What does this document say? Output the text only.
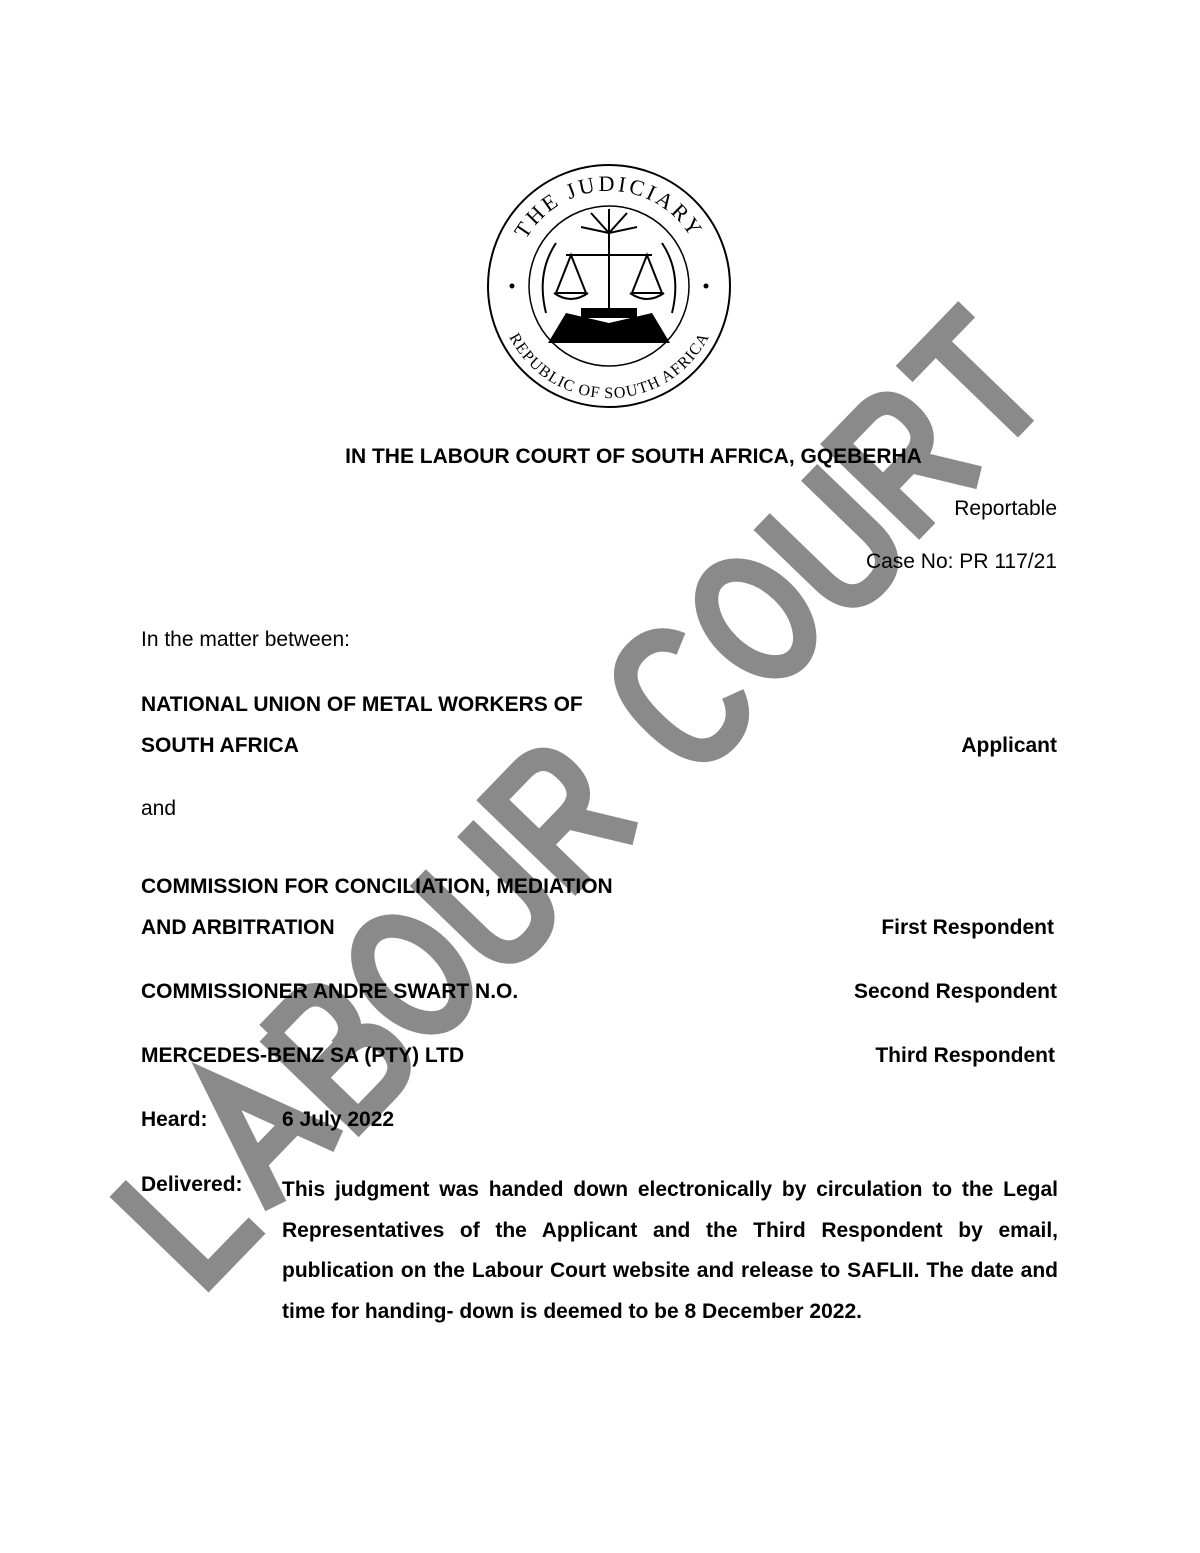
THE JUDICIARY
REPUBLIC OF SOUTH AFRICA
IN THE LABOUR COURT OF SOUTH AFRICA, GQEBERHA
Reportable
Case No: PR 117/21
In the matter between:
NATIONAL UNION OF METAL WORKERS OF
SOUTH AFRICA	Applicant
and
COMMISSION FOR CONCILIATION, MEDIATION
AND ARBITRATION	First Respondent
COMMISSIONER ANDRE SWART N.O.	Second Respondent
MERCEDES-BENZ SA (PTY) LTD	Third Respondent
Heard:	6 July 2022
Delivered: This judgment was handed down electronically by circulation to the Legal Representatives of the Applicant and the Third Respondent by email, publication on the Labour Court website and release to SAFLII. The date and time for handing- down is deemed to be 8 December 2022.
